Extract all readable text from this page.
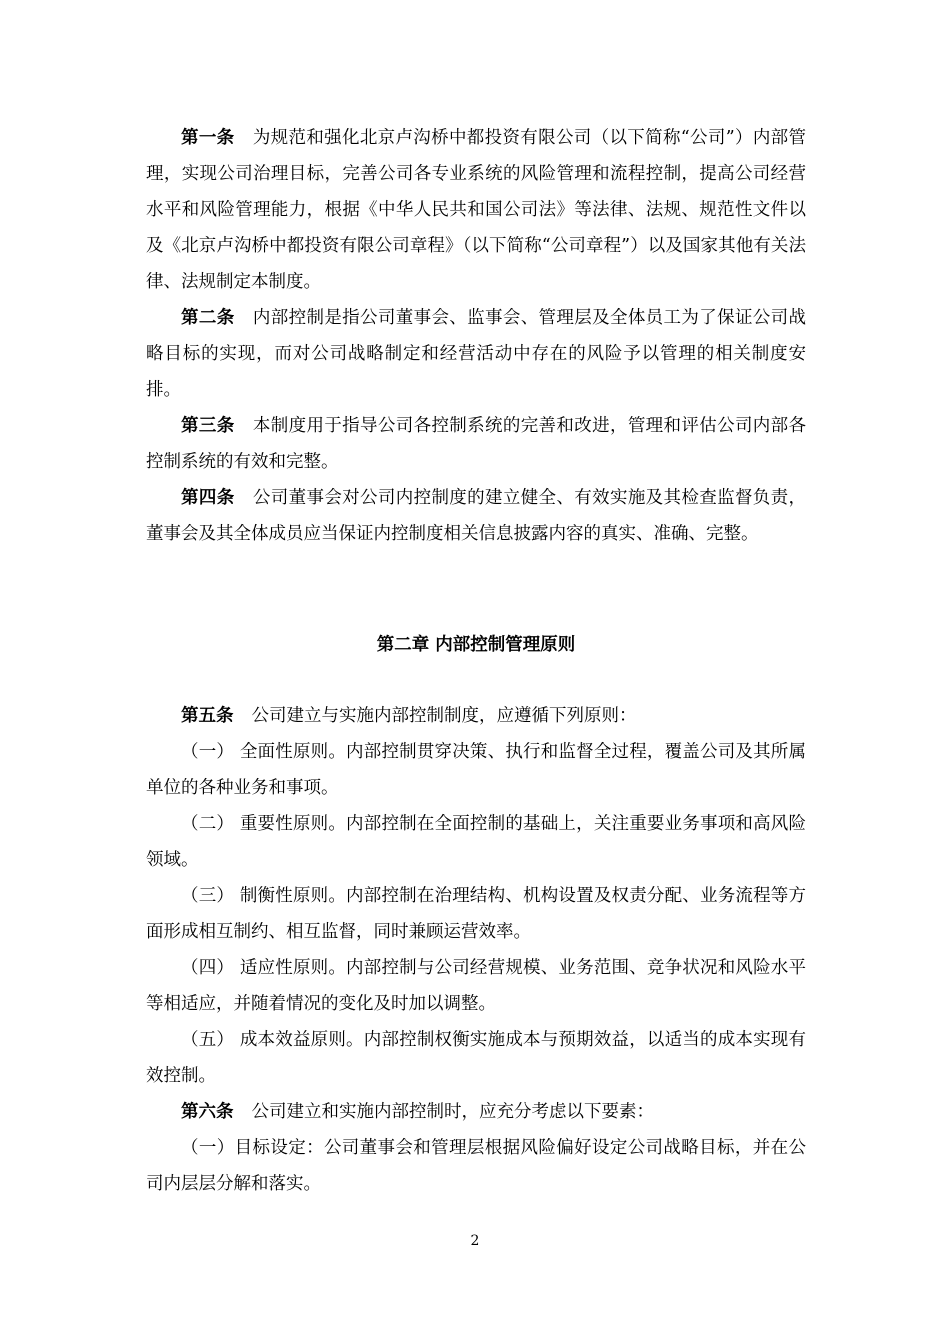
第一条 为规范和强化北京卢沟桥中都投资有限公司（以下简称“公司”）内部管理，实现公司治理目标，完善公司各专业系统的风险管理和流程控制，提高公司经营水平和风险管理能力，根据《中华人民共和国公司法》等法律、法规、规范性文件以及《北京卢沟桥中都投资有限公司章程》（以下简称“公司章程”）以及国家其他有关法律、法规制定本制度。

第二条 内部控制是指公司董事会、监事会、管理层及全体员工为了保证公司战略目标的实现，而对公司战略制定和经营活动中存在的风险予以管理的相关制度安排。

第三条 本制度用于指导公司各控制系统的完善和改进，管理和评估公司内部各控制系统的有效和完整。

第四条 公司董事会对公司内控制度的建立健全、有效实施及其检查监督负责，董事会及其全体成员应当保证内控制度相关信息披露内容的真实、准确、完整。

第二章 内部控制管理原则

第五条 公司建立与实施内部控制制度，应遵循下列原则：

（一） 全面性原则。内部控制贯穿决策、执行和监督全过程，覆盖公司及其所属单位的各种业务和事项。

（二） 重要性原则。内部控制在全面控制的基础上，关注重要业务事项和高风险领域。

（三） 制衡性原则。内部控制在治理结构、机构设置及权责分配、业务流程等方面形成相互制约、相互监督，同时兼顾运营效率。

（四） 适应性原则。内部控制与公司经营规模、业务范围、竞争状况和风险水平等相适应，并随着情况的变化及时加以调整。

（五） 成本效益原则。内部控制权衡实施成本与预期效益，以适当的成本实现有效控制。

第六条 公司建立和实施内部控制时，应充分考虑以下要素：

（一）目标设定：公司董事会和管理层根据风险偏好设定公司战略目标，并在公司内层层分解和落实。

2
